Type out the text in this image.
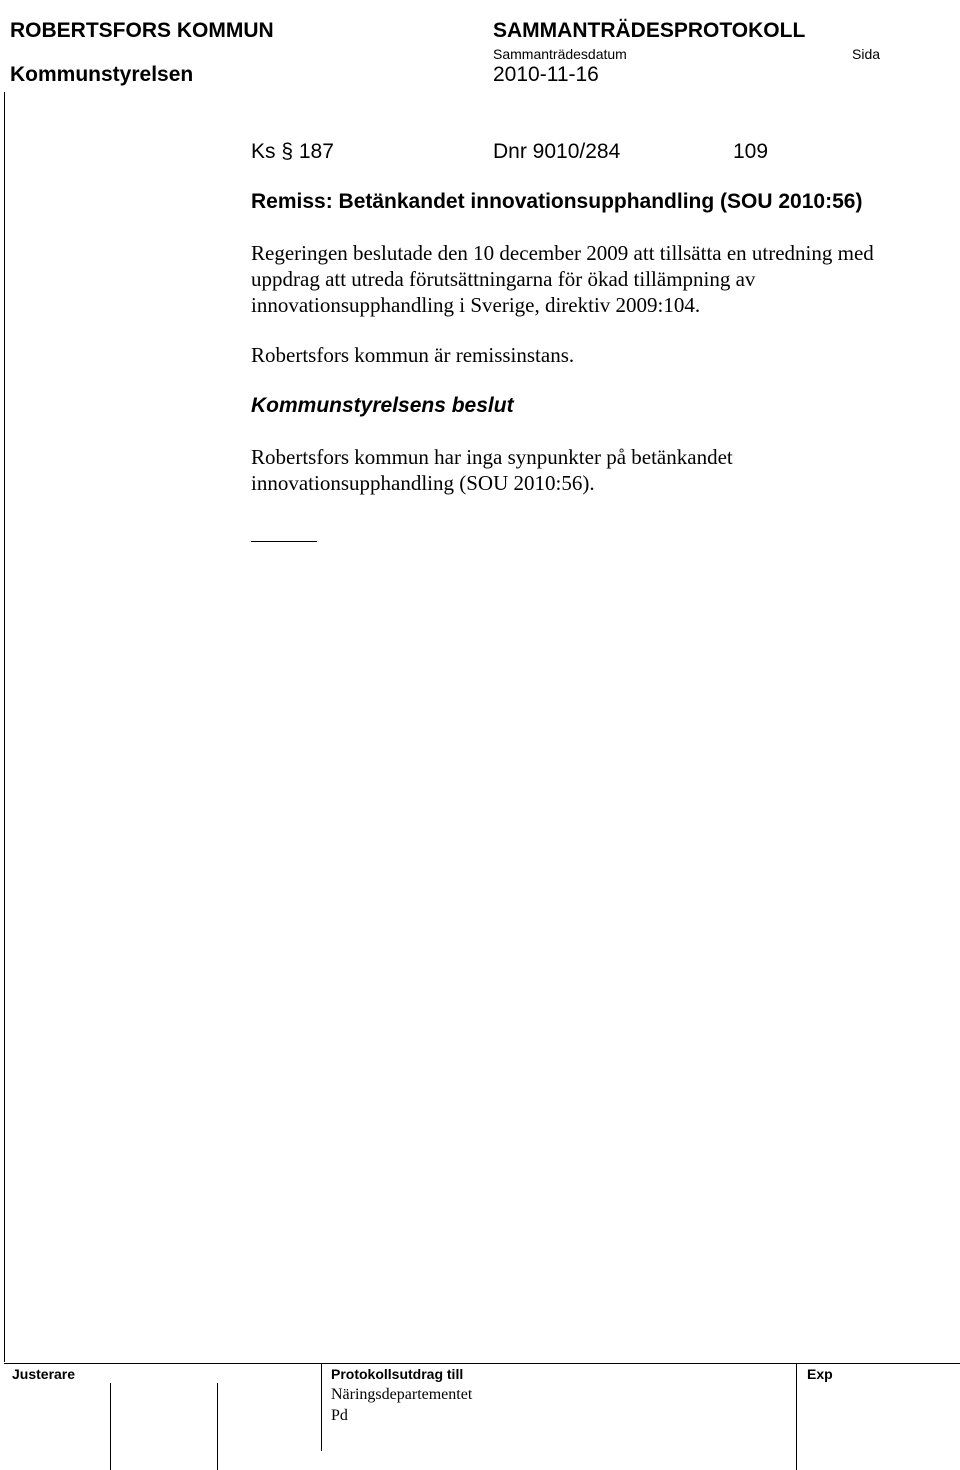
ROBERTSFORS KOMMUN
Kommunstyrelsen
SAMMANTRÄDESPROTOKOLL
Sammanträdesdatum
2010-11-16
Sida
Ks § 187	Dnr 9010/284	109
Remiss: Betänkandet innovationsupphandling (SOU 2010:56)
Regeringen beslutade den 10 december 2009 att tillsätta en utredning med
uppdrag att utreda förutsättningarna för ökad tillämpning av
innovationsupphandling i Sverige, direktiv 2009:104.
Robertsfors kommun är remissinstans.
Kommunstyrelsens beslut
Robertsfors kommun har inga synpunkter på betänkandet
innovationsupphandling (SOU 2010:56).
Justerare	Protokollsutdrag till	Exp
Näringsdepartementet
Pd
